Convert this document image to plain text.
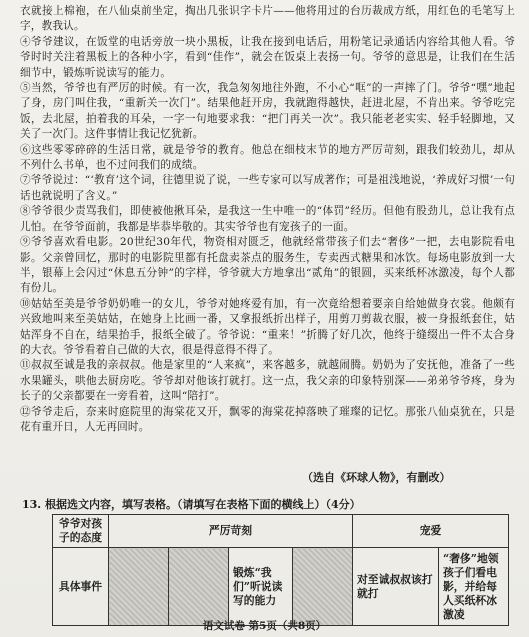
衣就接上棉袍，在八仙桌前坐定，掏出几张识字卡片——他将用过的台历裁成方纸，用红色的毛笔写上字，教我认。

④爷爷建议，在饭堂的电话旁放一块小黑板，让我在接到电话后，用粉笔记录通话内容给其他人看。爷爷时时关注着黑板上的各种小字，看到“佳作”，就会在饭桌上表扬一句。爷爷的意思是，让我们在生活细节中，锻炼听说读写的能力。

⑤当然，爷爷也有严厉的时候。有一次，我急匆匆地往外跑，不小心“哐”的一声摔了门。爷爷“嘿”地起了身，房门叫住我，“重新关一次门”。结果他赶开房，我就跑得越快，赶进北屋，不肯出来。爷爷吃完饭，去北屋，拍着我的耳朵，一字一句地要求我：“把门再关一次”。我只能老老实实、轻手轻脚地，又关了一次门。这件事情让我记忆犹新。

⑥这些零零碎碎的生活日常，就是爷爷的教育。他总在细枝末节的地方严厉苛刻，跟我们较劲儿，却从不列什么书单，也不过问我们的成绩。

⑦爷爷说过：“‘教育’这个词，往德里说了说，一些专家可以写成著作；可是祖浅地说，‘养成好习惯’一句话也就说明了含义。”

⑧爷爷很少责骂我们，即使被他揪耳朵，是我这一生中唯一的“体罚”经历。但他有股劲儿，总让我有点儿怕。在爷爷面前，我都是毕恭毕敬的。其实爷爷也有宠孩子的一面。

⑨爷爷喜欢看电影。20世纪30年代，物资相对匮乏，他就经常带孩子们去“奢侈”一把，去电影院看电影。父亲曾回忆，那时的电影院里都有托盘卖茶点的服务生，专卖西式糖果和冰饮。每场电影放到一大半，银幕上会闪过“休息五分钟”的字样，爷爷就大方地拿出“贰角”的银圆，买来纸杯冰激凌，每个人都有份儿。

⑩姑姑至美是爷爷奶奶唯一的女儿，爷爷对她疼爱有加，有一次竟给想着要亲自给她做身衣裳。他颇有兴致地叫来至美姑姑，在她身上比画一番，又拿报纸折出样子，用剪刀剪裁衣服，被一身报纸套住，姑姑浑身不自在，结果抬手，报纸全破了。爷爷说：“重来！”折腾了好几次，他终于缝缀出一件不太合身的大衣。爷爷看着自己做的大衣，很是得意得不得了。

⑪叔叔至诚是我的亲叔叔。他是家里的“人来疯”，来客越多，就越闹腾。奶奶为了安抚他，准备了一些水果罐头，哄他去厨房吃。爷爷却对他该打就打。这一点，我父亲的印象特别深——弟弟爷爷疼，身为长子的父亲都要在一旁看着，这叫“陪打”。

⑫爷爷走后，奈来时庭院里的海棠花又开，飘零的海棠花掉落映了璀璨的记忆。那张八仙桌犹在，只是花有重开日，人无再回时。

（选自《环球人物》，有删改）
13. 根据选文内容，填写表格。（请填写在表格下面的横线上）（4分）
爷爷对孩子的态度	严厉苛刻				宠爱	
具体事件			锻炼“我们”听说读写的能力		对至诚叔叔该打就打	“奢侈”地领孩子们看电影，并给每人买纸杯冰激凌
语文试卷 第5页（共8页）
